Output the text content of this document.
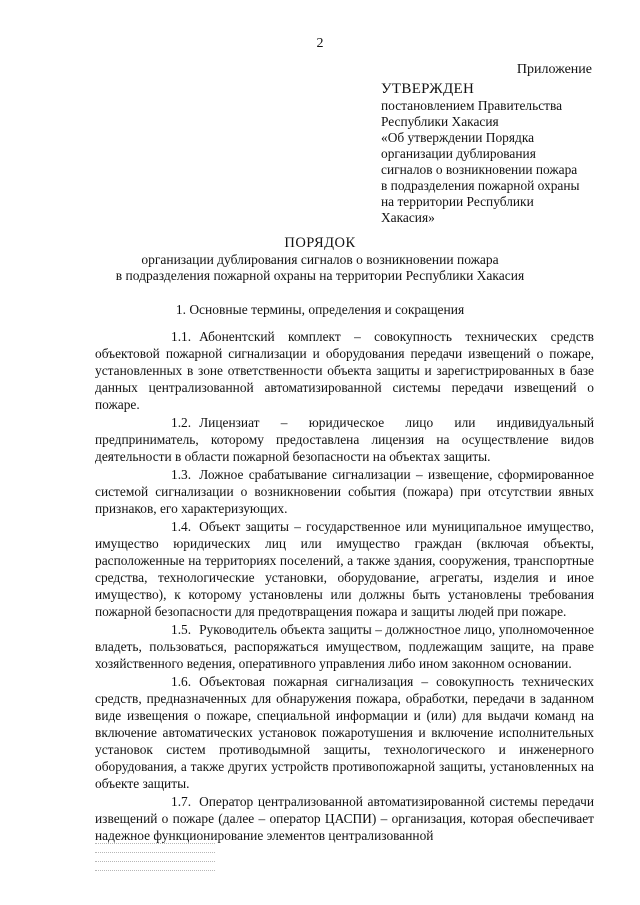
2
Приложение
УТВЕРЖДЕН
постановлением Правительства
Республики Хакасия
«Об утверждении Порядка
организации дублирования
сигналов о возникновении пожара
в подразделения пожарной охраны
на территории Республики
Хакасия»
ПОРЯДОК
организации дублирования сигналов о возникновении пожара
в подразделения пожарной охраны на территории Республики Хакасия
1. Основные термины, определения и сокращения

1.1. Абонентский комплект – совокупность технических средств объектовой пожарной сигнализации и оборудования передачи извещений о пожаре, установленных в зоне ответственности объекта защиты и зарегистрированных в базе данных централизованной автоматизированной системы передачи извещений о пожаре.

1.2. Лицензиат – юридическое лицо или индивидуальный предприниматель, которому предоставлена лицензия на осуществление видов деятельности в области пожарной безопасности на объектах защиты.

1.3. Ложное срабатывание сигнализации – извещение, сформированное системой сигнализации о возникновении события (пожара) при отсутствии явных признаков, его характеризующих.

1.4. Объект защиты – государственное или муниципальное имущество, имущество юридических лиц или имущество граждан (включая объекты, расположенные на территориях поселений, а также здания, сооружения, транспортные средства, технологические установки, оборудование, агрегаты, изделия и иное имущество), к которому установлены или должны быть установлены требования пожарной безопасности для предотвращения пожара и защиты людей при пожаре.

1.5. Руководитель объекта защиты – должностное лицо, уполномоченное владеть, пользоваться, распоряжаться имуществом, подлежащим защите, на праве хозяйственного ведения, оперативного управления либо ином законном основании.

1.6. Объектовая пожарная сигнализация – совокупность технических средств, предназначенных для обнаружения пожара, обработки, передачи в заданном виде извещения о пожаре, специальной информации и (или) для выдачи команд на включение автоматических установок пожаротушения и включение исполнительных установок систем противодымной защиты, технологического и инженерного оборудования, а также других устройств противопожарной защиты, установленных на объекте защиты.

1.7. Оператор централизованной автоматизированной системы передачи извещений о пожаре (далее – оператор ЦАСПИ) – организация, которая обеспечивает надежное функционирование элементов централизованной
